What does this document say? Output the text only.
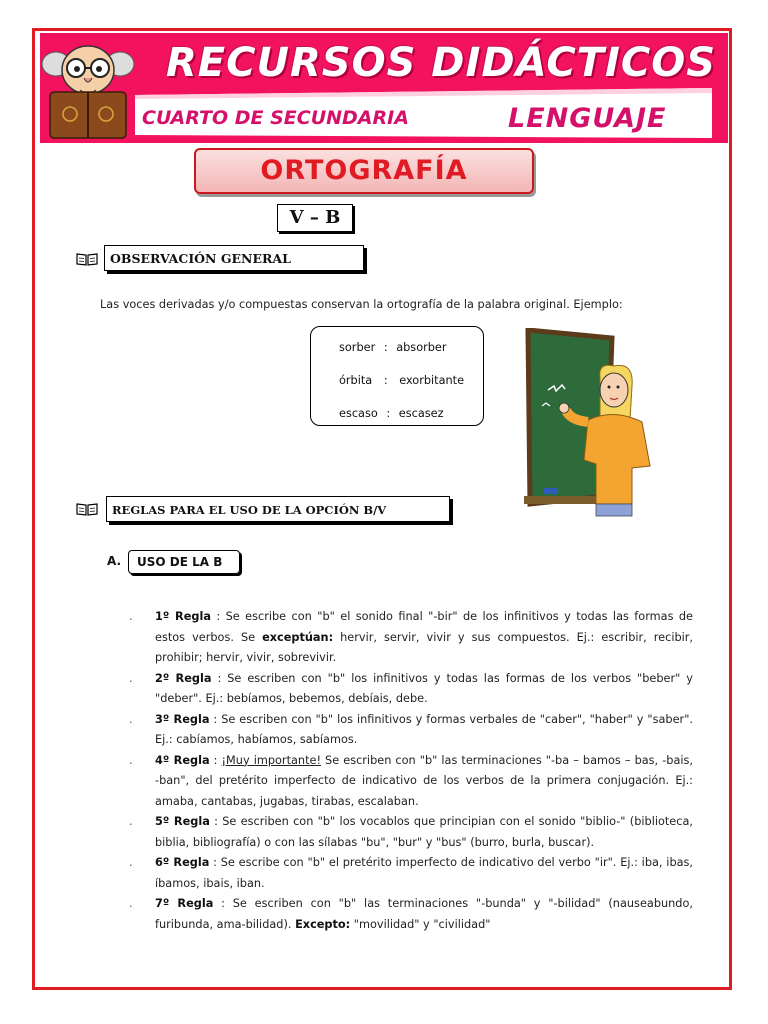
RECURSOS DIDÁCTICOS
CUARTO DE SECUNDARIA	LENGUAJE
ORTOGRAFÍA
V – B
OBSERVACIÓN GENERAL
Las voces derivadas y/o compuestas conservan la ortografía de la palabra original. Ejemplo:
sorber : absorber
órbita : exorbitante
escaso : escasez
REGLAS PARA EL USO DE LA OPCIÓN B/V
A.	USO DE LA B
. 1º Regla : Se escribe con "b" el sonido final "-bir" de los infinitivos y todas las formas de estos verbos. Se exceptúan: hervir, servir, vivir y sus compuestos. Ej.: escribir, recibir, prohibir; hervir, vivir, sobrevivir.
. 2º Regla : Se escriben con "b" los infinitivos y todas las formas de los verbos "beber" y "deber". Ej.: bebíamos, bebemos, debíais, debe.
. 3º Regla : Se escriben con "b" los infinitivos y formas verbales de "caber", "haber" y "saber". Ej.: cabíamos, habíamos, sabíamos.
. 4º Regla : ¡Muy importante! Se escriben con "b" las terminaciones "-ba – bamos – bas, -bais, -ban", del pretérito imperfecto de indicativo de los verbos de la primera conjugación. Ej.: amaba, cantabas, jugabas, tirabas, escalaban.
. 5º Regla : Se escriben con "b" los vocablos que principian con el sonido "biblio-" (biblioteca, biblia, bibliografía) o con las sílabas "bu", "bur" y "bus" (burro, burla, buscar).
. 6º Regla : Se escribe con "b" el pretérito imperfecto de indicativo del verbo "ir". Ej.: iba, ibas, íbamos, ibais, iban.
. 7º Regla : Se escriben con "b" las terminaciones "-bunda" y "-bilidad" (nauseabundo, furibunda, ama-bilidad). Excepto: "movilidad" y "civilidad"
